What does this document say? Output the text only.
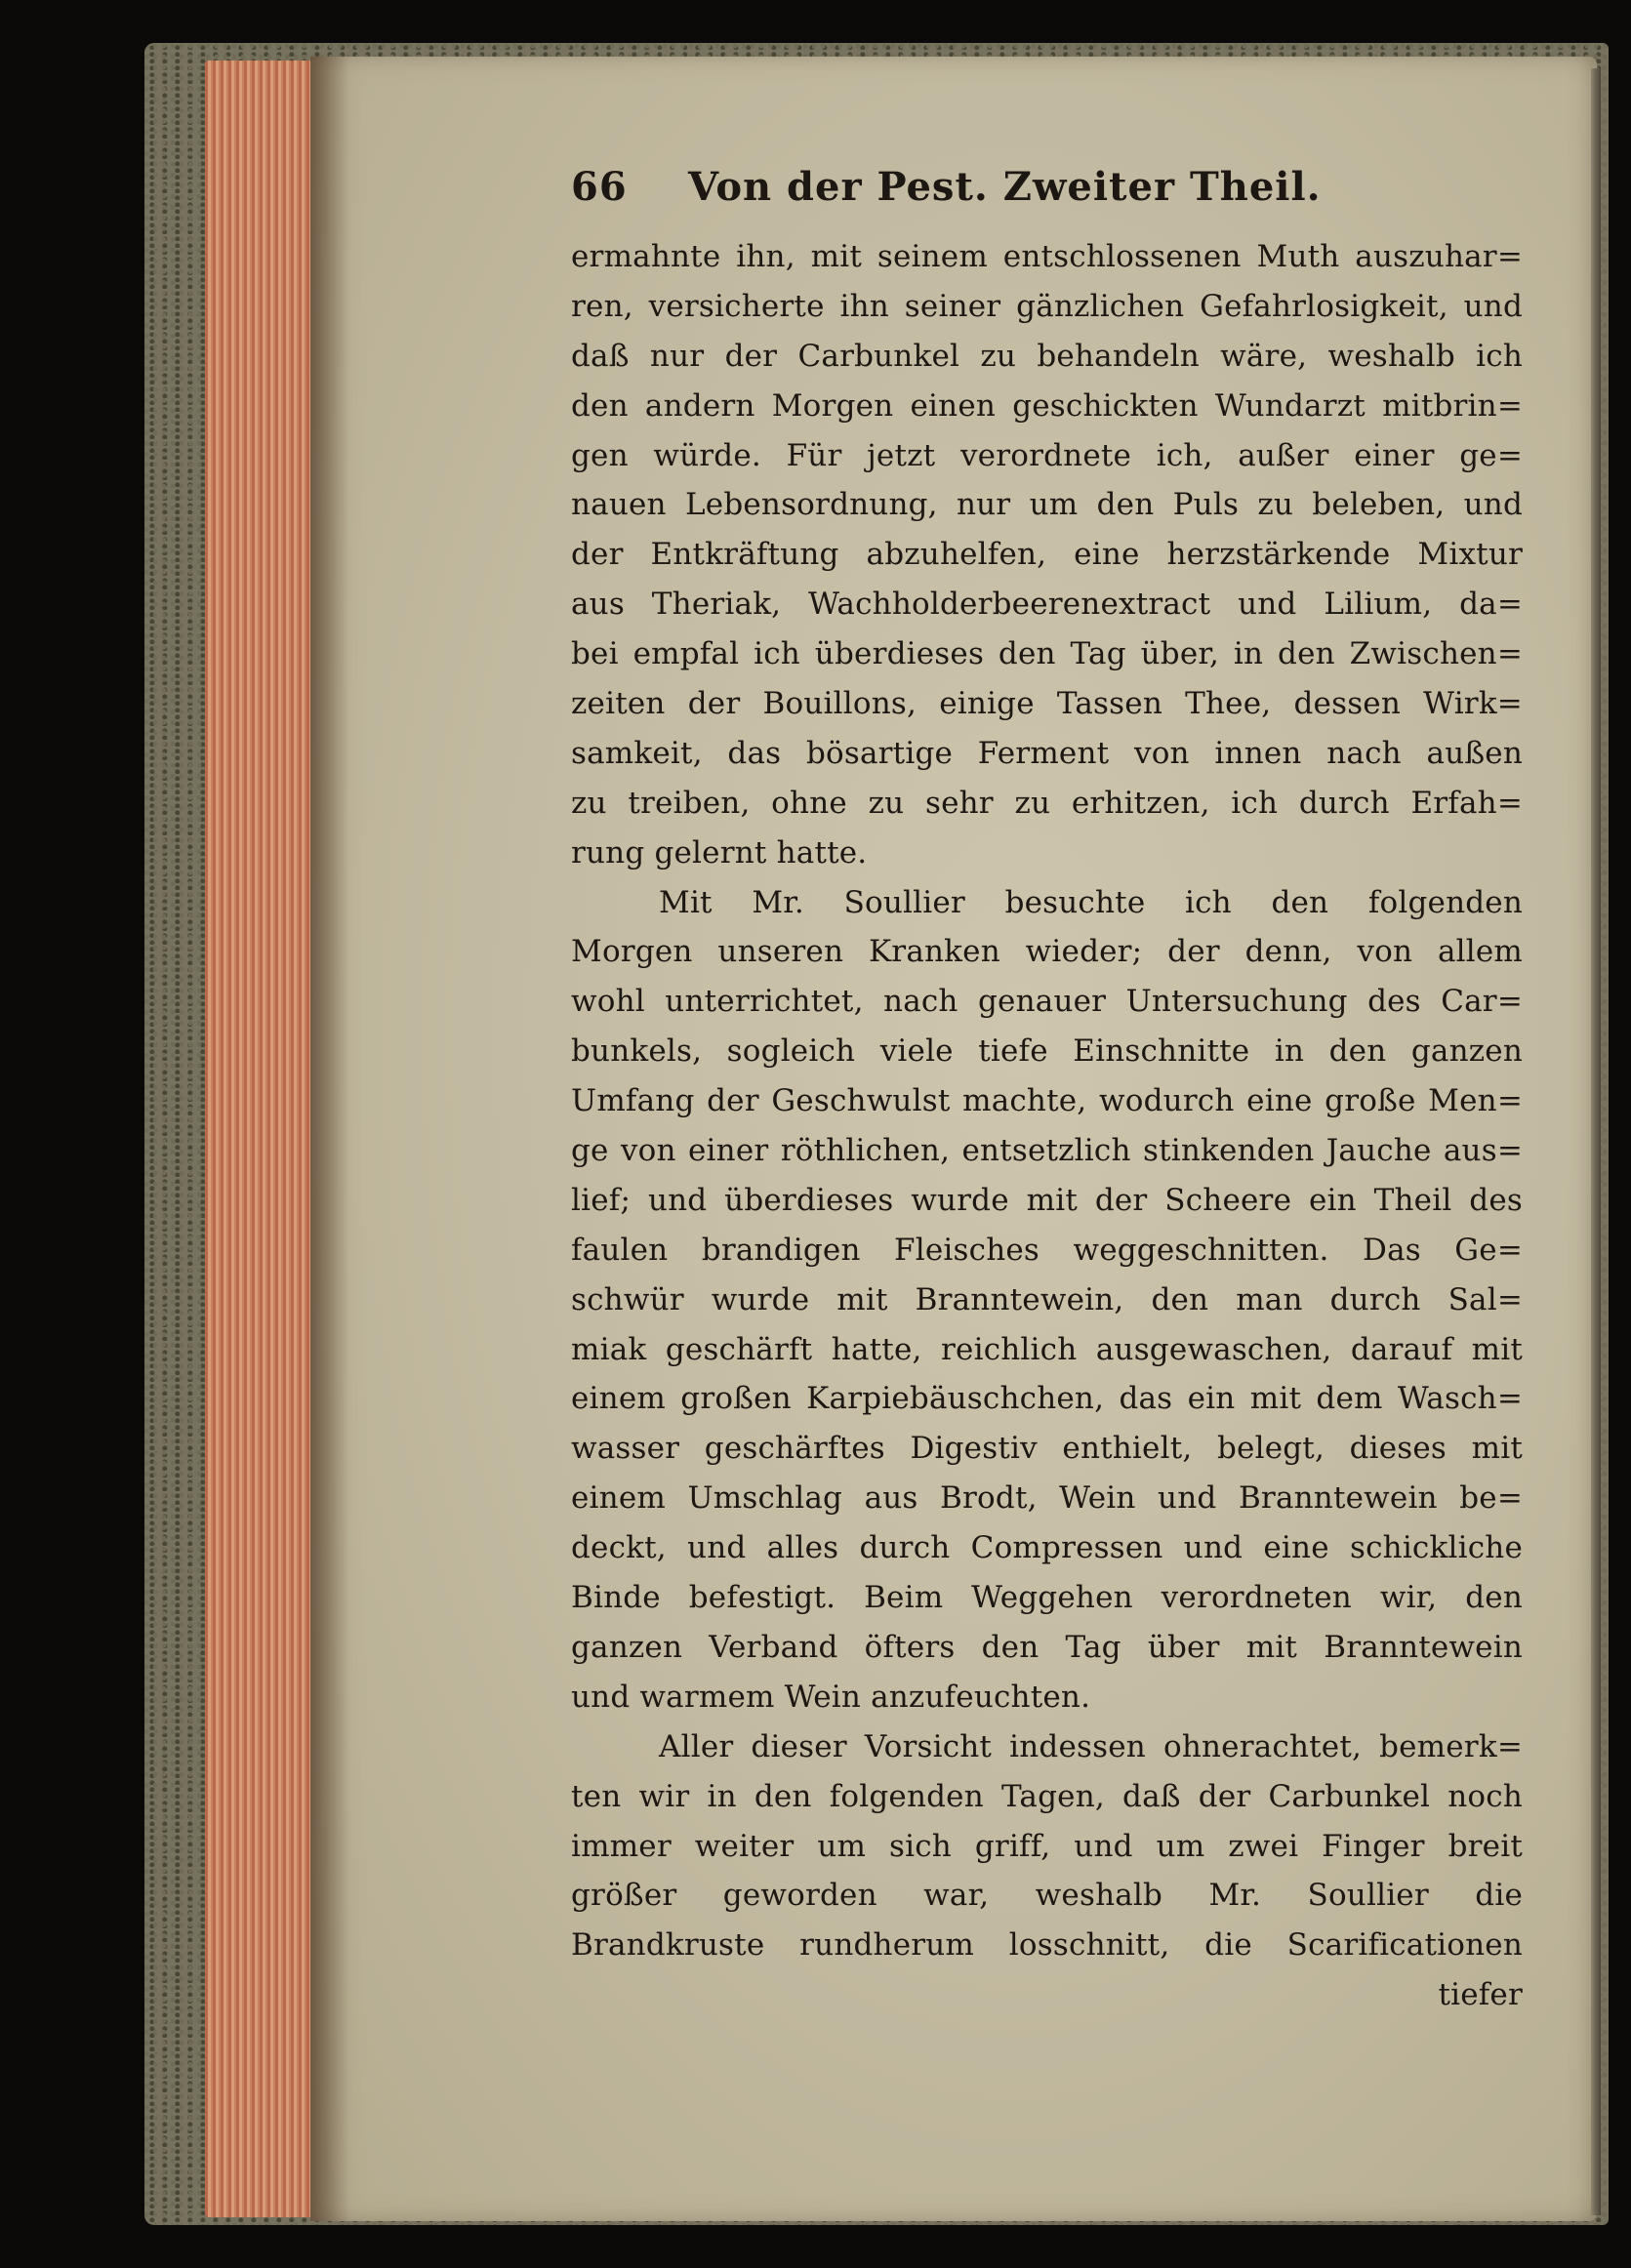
66	Von der Pest. Zweiter Theil.
ermahnte ihn, mit seinem entschlossenen Muth auszuhar=
ren, versicherte ihn seiner gänzlichen Gefahrlosigkeit, und
daß nur der Carbunkel zu behandeln wäre, weshalb ich
den andern Morgen einen geschickten Wundarzt mitbrin=
gen würde. Für jetzt verordnete ich, außer einer ge=
nauen Lebensordnung, nur um den Puls zu beleben, und
der Entkräftung abzuhelfen, eine herzstärkende Mixtur
aus Theriak, Wachholderbeerenextract und Lilium, da=
bei empfal ich überdieses den Tag über, in den Zwischen=
zeiten der Bouillons, einige Tassen Thee, dessen Wirk=
samkeit, das bösartige Ferment von innen nach außen
zu treiben, ohne zu sehr zu erhitzen, ich durch Erfah=
rung gelernt hatte.
Mit Mr. Soullier besuchte ich den folgenden
Morgen unseren Kranken wieder; der denn, von allem
wohl unterrichtet, nach genauer Untersuchung des Car=
bunkels, sogleich viele tiefe Einschnitte in den ganzen
Umfang der Geschwulst machte, wodurch eine große Men=
ge von einer röthlichen, entsetzlich stinkenden Jauche aus=
lief; und überdieses wurde mit der Scheere ein Theil des
faulen brandigen Fleisches weggeschnitten. Das Ge=
schwür wurde mit Branntewein, den man durch Sal=
miak geschärft hatte, reichlich ausgewaschen, darauf mit
einem großen Karpiebäuschchen, das ein mit dem Wasch=
wasser geschärftes Digestiv enthielt, belegt, dieses mit
einem Umschlag aus Brodt, Wein und Branntewein be=
deckt, und alles durch Compressen und eine schickliche
Binde befestigt. Beim Weggehen verordneten wir, den
ganzen Verband öfters den Tag über mit Branntewein
und warmem Wein anzufeuchten.
Aller dieser Vorsicht indessen ohnerachtet, bemerk=
ten wir in den folgenden Tagen, daß der Carbunkel noch
immer weiter um sich griff, und um zwei Finger breit
größer geworden war, weshalb Mr. Soullier die
Brandkruste rundherum losschnitt, die Scarificationen
tiefer
